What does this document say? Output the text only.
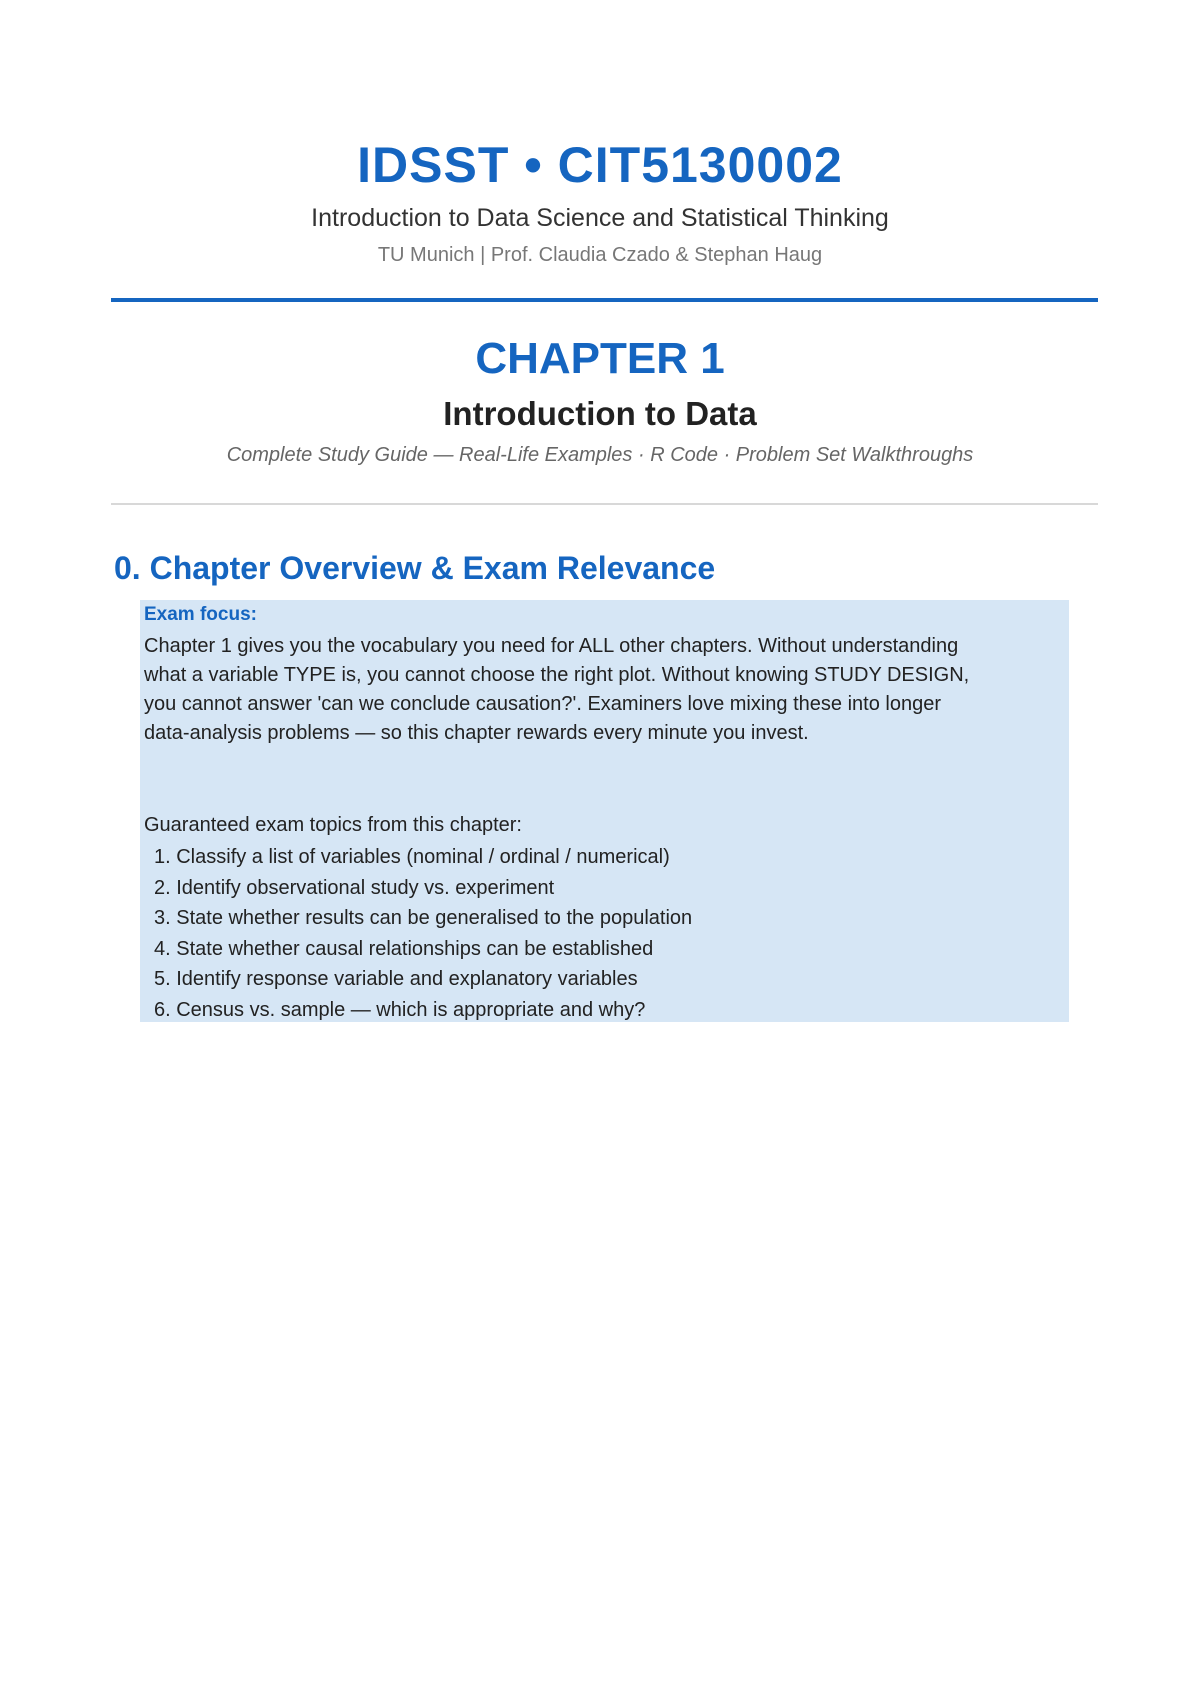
IDSST • CIT5130002
Introduction to Data Science and Statistical Thinking
TU Munich | Prof. Claudia Czado & Stephan Haug
CHAPTER 1
Introduction to Data
Complete Study Guide — Real-Life Examples · R Code · Problem Set Walkthroughs
0. Chapter Overview & Exam Relevance
Exam focus:

Chapter 1 gives you the vocabulary you need for ALL other chapters. Without understanding

what a variable TYPE is, you cannot choose the right plot. Without knowing STUDY DESIGN,

you cannot answer 'can we conclude causation?'. Examiners love mixing these into longer

data-analysis problems — so this chapter rewards every minute you invest.

Guaranteed exam topics from this chapter:
1. Classify a list of variables (nominal / ordinal / numerical)
2. Identify observational study vs. experiment
3. State whether results can be generalised to the population
4. State whether causal relationships can be established
5. Identify response variable and explanatory variables
6. Census vs. sample — which is appropriate and why?
